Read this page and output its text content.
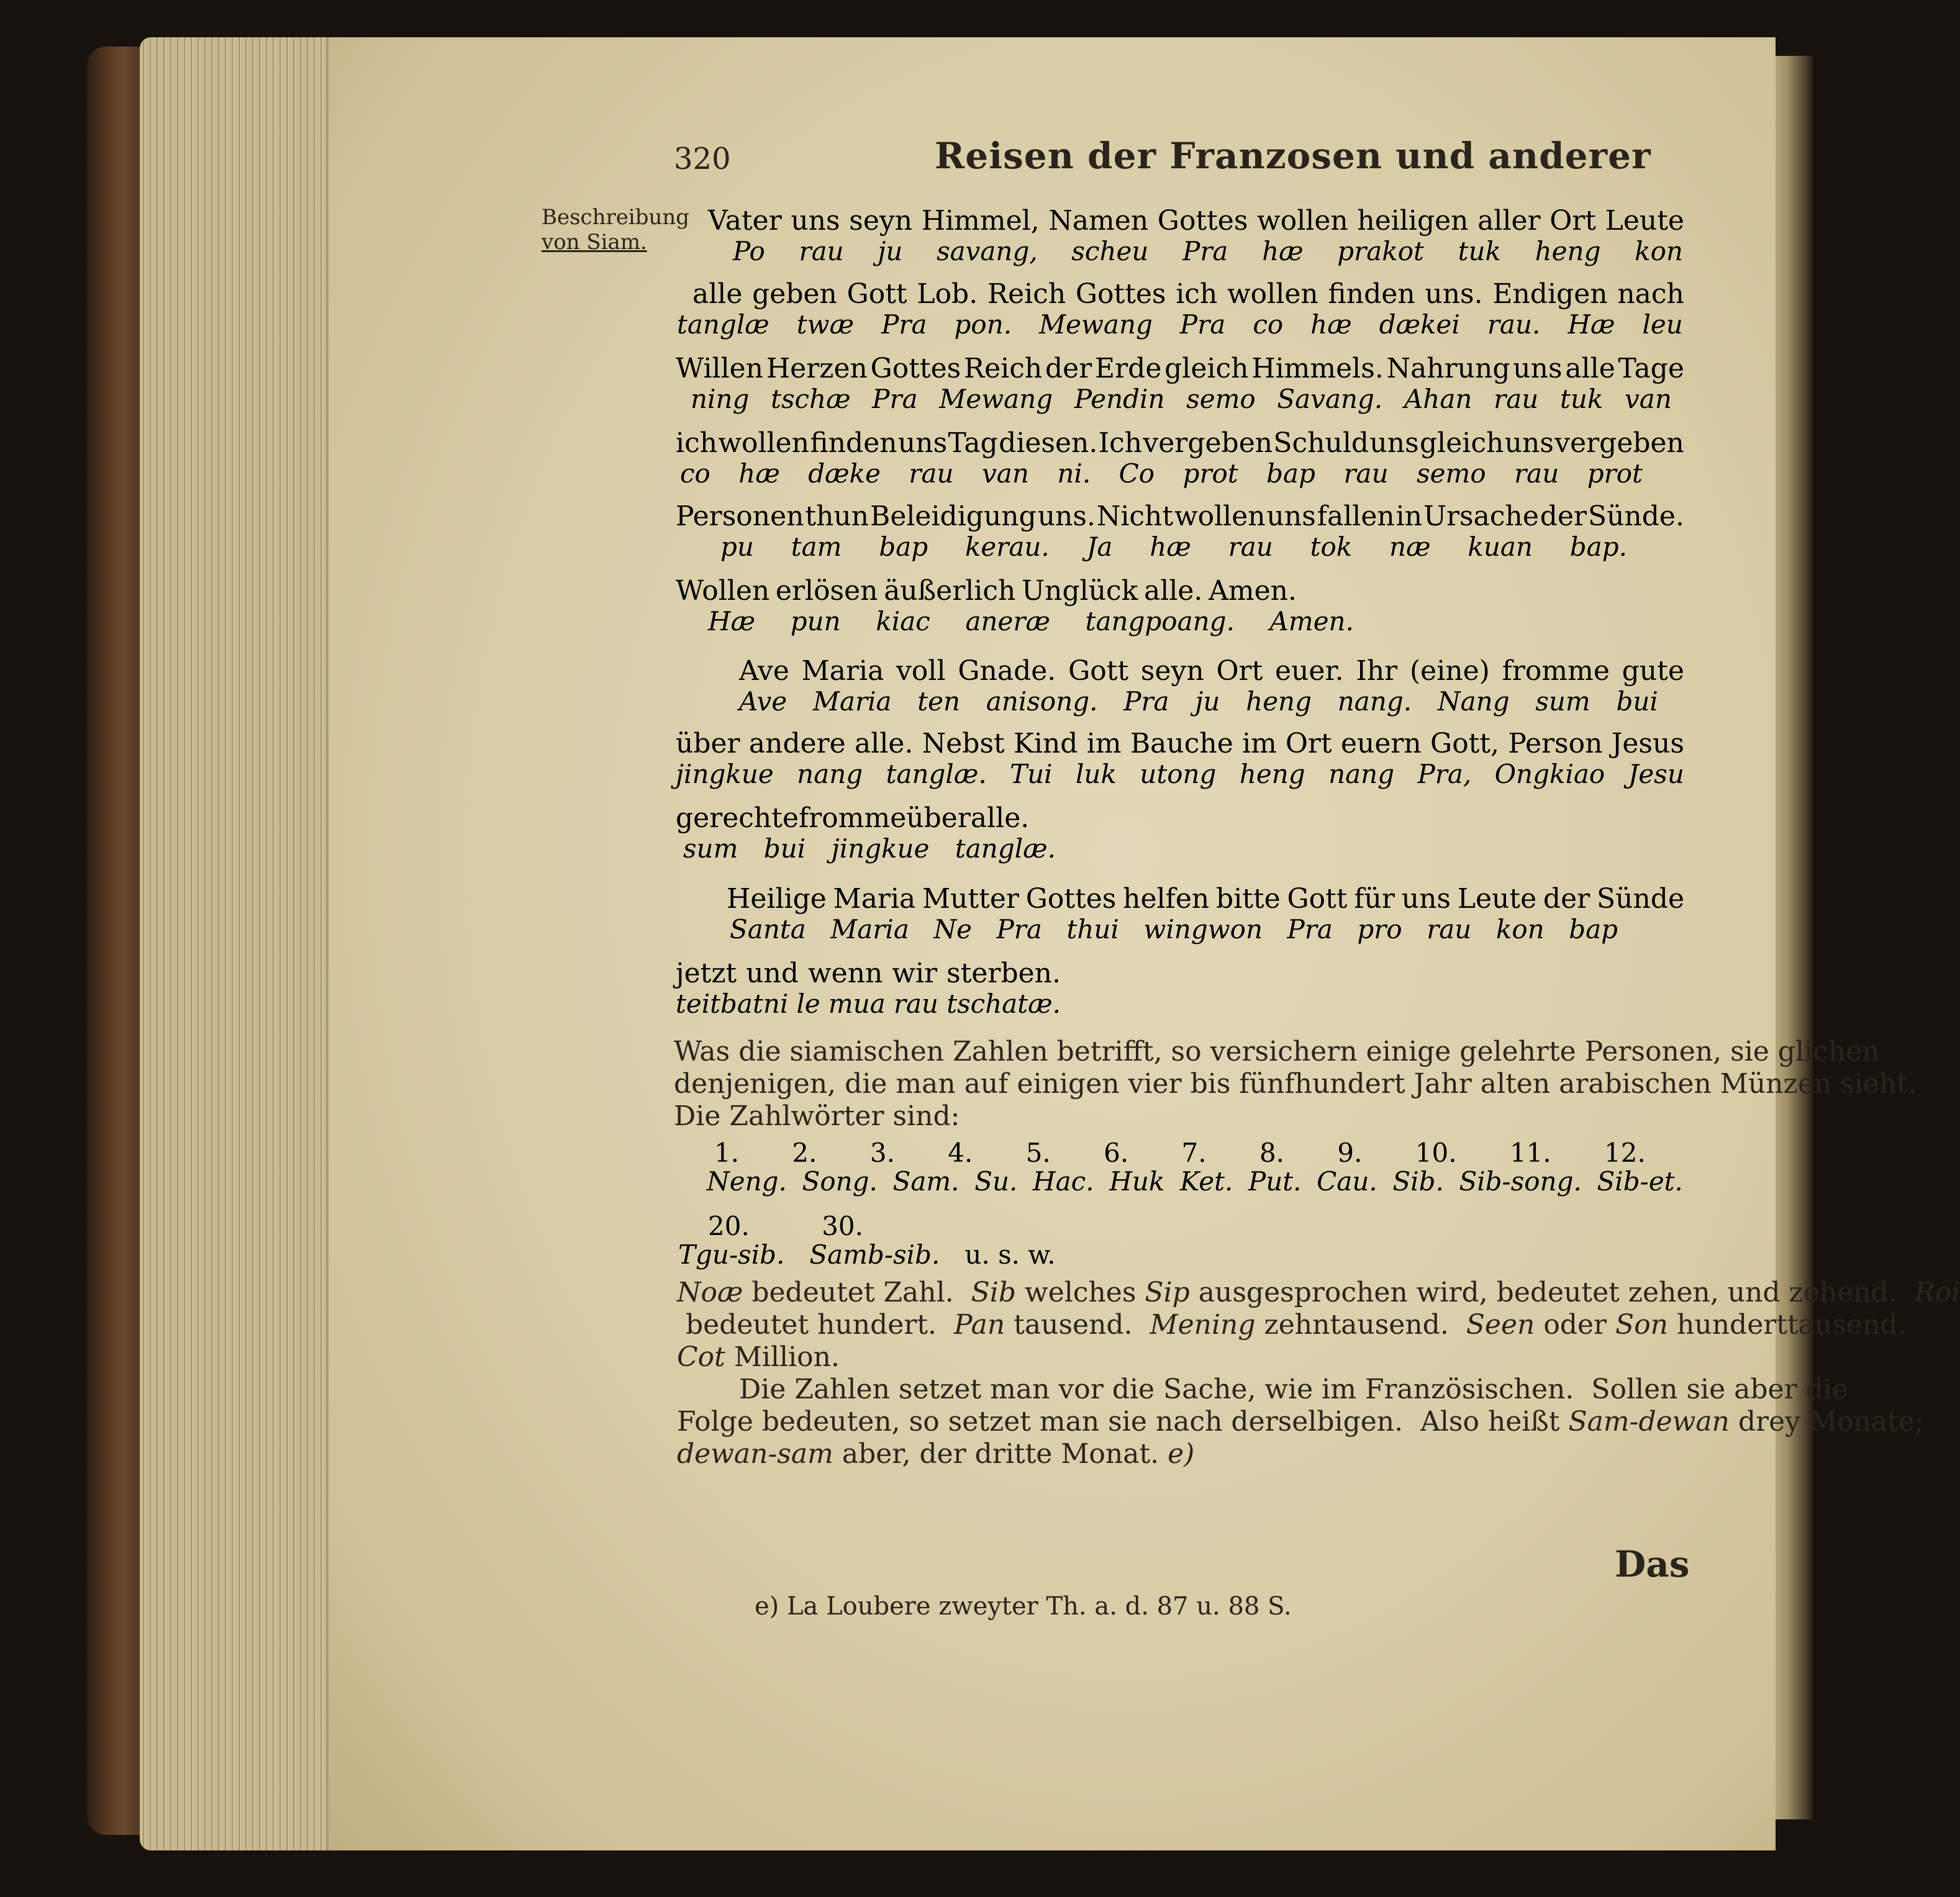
320	Reisen der Franzosen und anderer
Beschreibung
von Siam.
Vater uns seyn Himmel, Namen Gottes wollen heiligen aller Ort Leute
Po rau ju savang, scheu Pra hæ prakot tuk heng kon
alle geben Gott Lob. Reich Gottes ich wollen finden uns. Endigen nach
tanglæ twæ Pra pon. Mewang Pra co hæ dækei rau. Hæ leu
Willen Herzen Gottes Reich der Erde gleich Himmels. Nahrung uns alle Tage
ning tschæ Pra Mewang Pendin semo Savang. Ahan rau tuk van
ich wollen finden uns Tag diesen. Ich vergeben Schuld uns gleich uns vergeben
co hæ dæke rau van ni. Co prot bap rau semo rau prot
Personen thun Beleidigung uns. Nicht wollen uns fallen in Ursache der Sünde.
pu tam bap kerau. Ja hæ rau tok næ kuan bap.
Wollen erlösen äußerlich Unglück alle. Amen.
Hæ pun kiac aneræ tangpoang. Amen.
Ave Maria voll Gnade. Gott seyn Ort euer. Ihr (eine) fromme gute
Ave Maria ten anisong. Pra ju heng nang. Nang sum bui
über andere alle. Nebst Kind im Bauche im Ort euern Gott, Person Jesus
jingkue nang tanglæ. Tui luk utong heng nang Pra, Ongkiao Jesu
gerechte fromme über alle.
sum bui jingkue tanglæ.
Heilige Maria Mutter Gottes helfen bitte Gott für uns Leute der Sünde
Santa Maria Ne Pra thui wingwon Pra pro rau kon bap
jetzt und wenn wir sterben.
teitbatni le mua rau tschatæ.
Was die siamischen Zahlen betrifft, so versichern einige gelehrte Personen, sie glichen
denjenigen, die man auf einigen vier bis fünfhundert Jahr alten arabischen Münzen sieht.
Die Zahlwörter sind:
1. 2. 3. 4. 5. 6. 7. 8. 9. 10. 11. 12.
Neng. Song. Sam. Su. Hac. Huk Ket. Put. Cau. Sib. Sib-song. Sib-et.
20.	30.
Tgu-sib. Samb-sib. u. s. w.
Noæ bedeutet Zahl.  Sib welches Sip ausgesprochen wird, bedeutet zehen, und zehend.  Roi
bedeutet hundert.  Pan tausend.  Mening zehntausend.  Seen oder Son hunderttausend.
Cot Million.
Die Zahlen setzet man vor die Sache, wie im Französischen.  Sollen sie aber die
Folge bedeuten, so setzet man sie nach derselbigen.  Also heißt Sam-dewan drey Monate;
dewan-sam aber, der dritte Monat. e)
Das
e) La Loubere zweyter Th. a. d. 87 u. 88 S.
